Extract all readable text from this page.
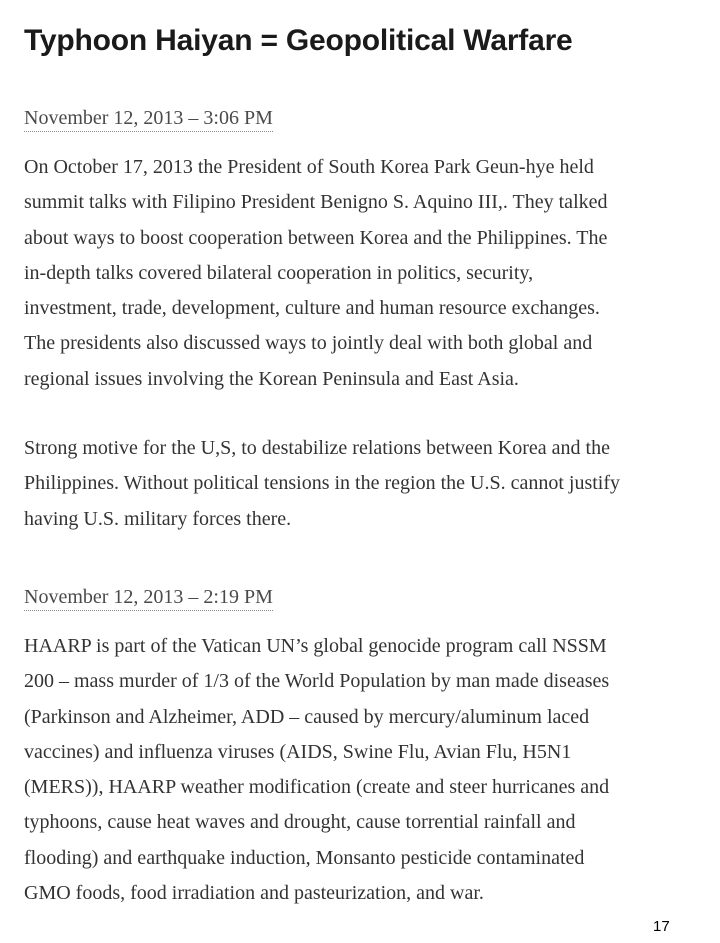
Typhoon Haiyan = Geopolitical Warfare
November 12, 2013 – 3:06 PM

On October 17, 2013 the President of South Korea Park Geun-hye held
summit talks with Filipino President Benigno S. Aquino III,. They talked
about ways to boost cooperation between Korea and the Philippines. The
in-depth talks covered bilateral cooperation in politics, security,
investment, trade, development, culture and human resource exchanges.
The presidents also discussed ways to jointly deal with both global and
regional issues involving the Korean Peninsula and East Asia.

Strong motive for the U,S, to destabilize relations between Korea and the
Philippines. Without political tensions in the region the U.S. cannot justify
having U.S. military forces there.

November 12, 2013 – 2:19 PM

HAARP is part of the Vatican UN’s global genocide program call NSSM
200 – mass murder of 1/3 of the World Population by man made diseases
(Parkinson and Alzheimer, ADD – caused by mercury/aluminum laced
vaccines) and influenza viruses (AIDS, Swine Flu, Avian Flu, H5N1
(MERS)), HAARP weather modification (create and steer hurricanes and
typhoons, cause heat waves and drought, cause torrential rainfall and
flooding) and earthquake induction, Monsanto pesticide contaminated
GMO foods, food irradiation and pasteurization, and war.

17
